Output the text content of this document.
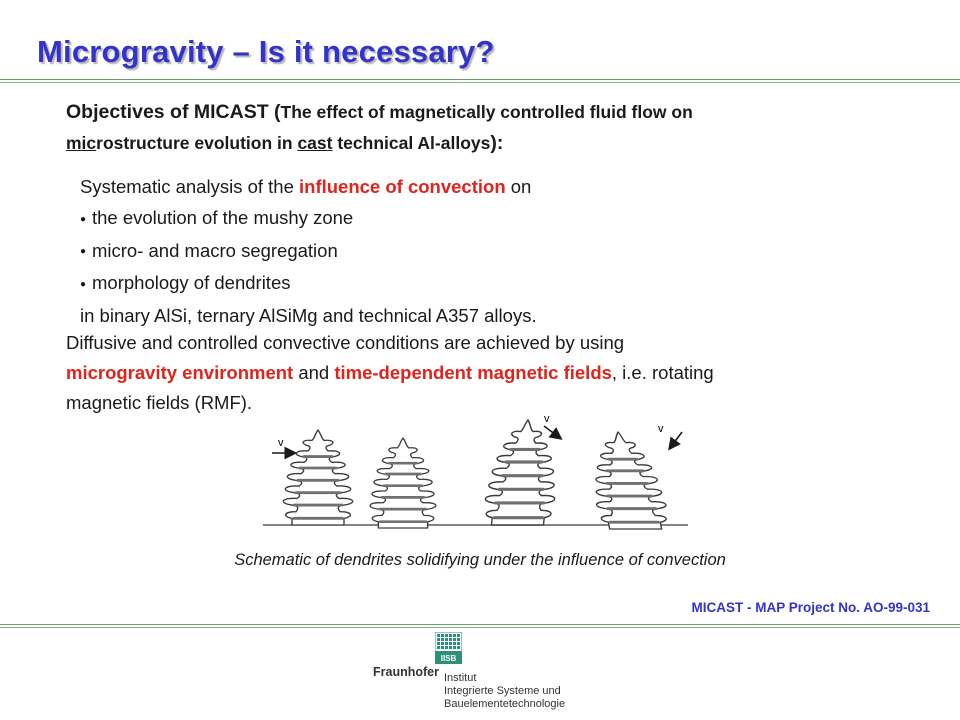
Microgravity – Is it necessary?
Objectives of MICAST (The effect of magnetically controlled fluid flow on
microstructure evolution in cast technical Al-alloys):
Systematic analysis of the influence of convection on
● the evolution of the mushy zone
● micro- and macro segregation
● morphology of dendrites
in binary AlSi, ternary AlSiMg and technical A357 alloys.
Diffusive and controlled convective conditions are achieved by using
microgravity environment and time-dependent magnetic fields, i.e. rotating
magnetic fields (RMF).
v
v
v
Schematic of dendrites solidifying under the influence of convection
MICAST - MAP Project No. AO-99-031
IISB
Fraunhofer Institut
Integrierte Systeme und
Bauelementetechnologie
